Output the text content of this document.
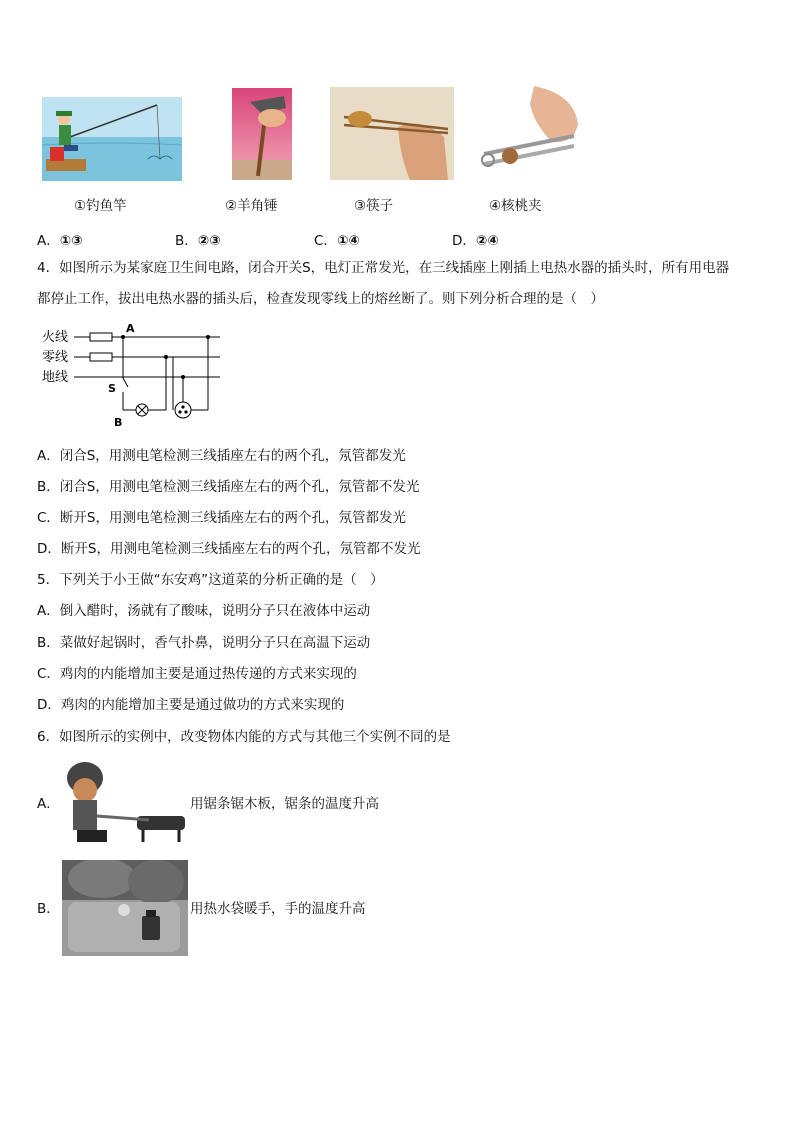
①钓鱼竿	②羊角锤	③筷子	④核桃夹
A．①③	B．②③	C．①④	D．②④
4．如图所示为某家庭卫生间电路，闭合开关S，电灯正常发光，在三线插座上刚插上电热水器的插头时，所有用电器
都停止工作，拔出电热水器的插头后，检查发现零线上的熔丝断了。则下列分析合理的是（　）
火线
零线
地线
A
B
S
A．闭合S，用测电笔检测三线插座左右的两个孔，氖管都发光
B．闭合S，用测电笔检测三线插座左右的两个孔，氖管都不发光
C．断开S，用测电笔检测三线插座左右的两个孔，氖管都发光
D．断开S，用测电笔检测三线插座左右的两个孔，氖管都不发光
5．下列关于小王做“东安鸡”这道菜的分析正确的是（　）
A．倒入醋时，汤就有了酸味，说明分子只在液体中运动
B．菜做好起锅时，香气扑鼻，说明分子只在高温下运动
C．鸡肉的内能增加主要是通过热传递的方式来实现的
D．鸡肉的内能增加主要是通过做功的方式来实现的
6．如图所示的实例中，改变物体内能的方式与其他三个实例不同的是
A．	用锯条锯木板，锯条的温度升高
B．	用热水袋暖手，手的温度升高
